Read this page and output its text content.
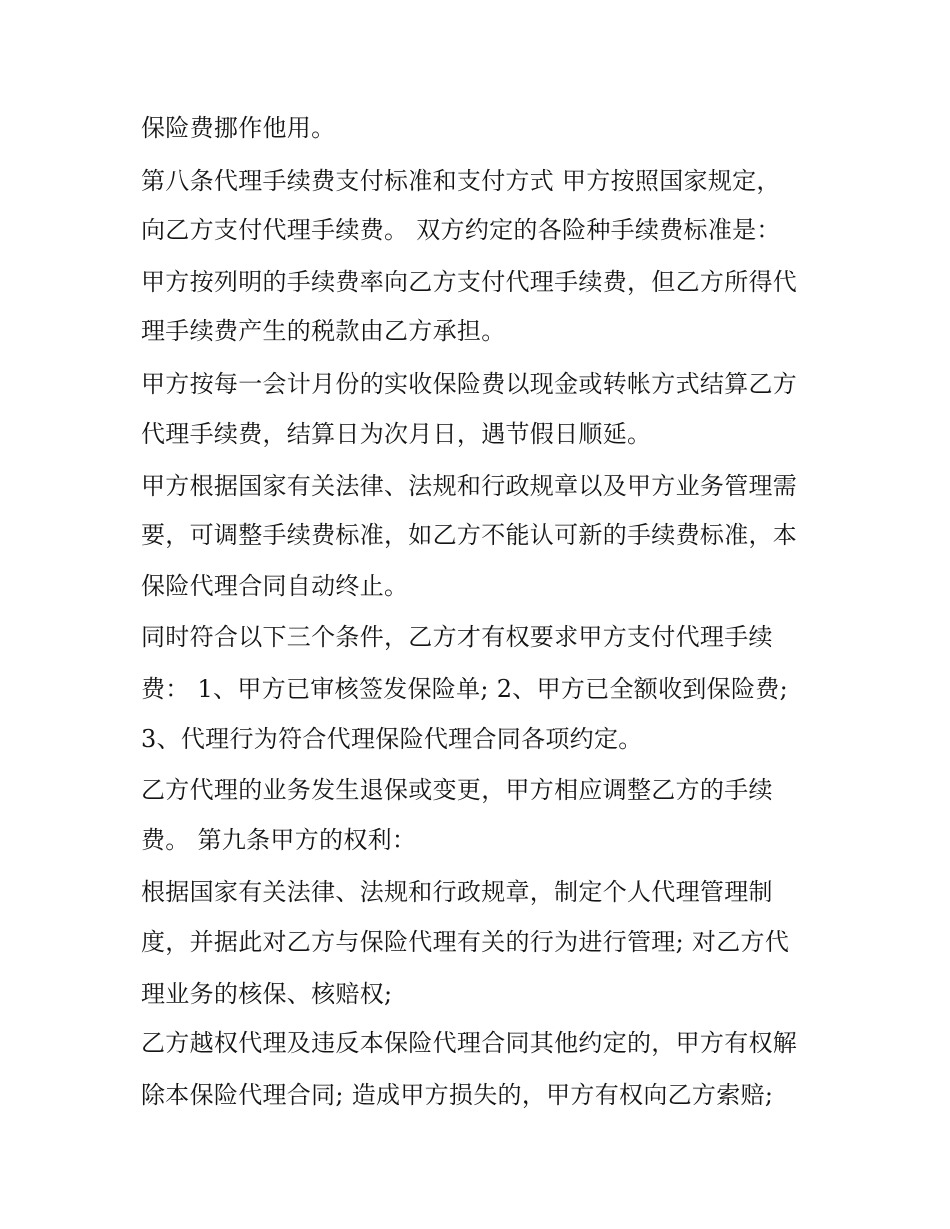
保险费挪作他用。
第八条代理手续费支付标准和支付方式 甲方按照国家规定，
向乙方支付代理手续费。 双方约定的各险种手续费标准是：
甲方按列明的手续费率向乙方支付代理手续费，但乙方所得代
理手续费产生的税款由乙方承担。
甲方按每一会计月份的实收保险费以现金或转帐方式结算乙方
代理手续费，结算日为次月日，遇节假日顺延。
甲方根据国家有关法律、法规和行政规章以及甲方业务管理需
要，可调整手续费标准，如乙方不能认可新的手续费标准，本
保险代理合同自动终止。
同时符合以下三个条件，乙方才有权要求甲方支付代理手续
费： 1、甲方已审核签发保险单; 2、甲方已全额收到保险费;
3、代理行为符合代理保险代理合同各项约定。
乙方代理的业务发生退保或变更，甲方相应调整乙方的手续
费。 第九条甲方的权利：
根据国家有关法律、法规和行政规章，制定个人代理管理制
度，并据此对乙方与保险代理有关的行为进行管理; 对乙方代
理业务的核保、核赔权;
乙方越权代理及违反本保险代理合同其他约定的，甲方有权解
除本保险代理合同; 造成甲方损失的，甲方有权向乙方索赔;
